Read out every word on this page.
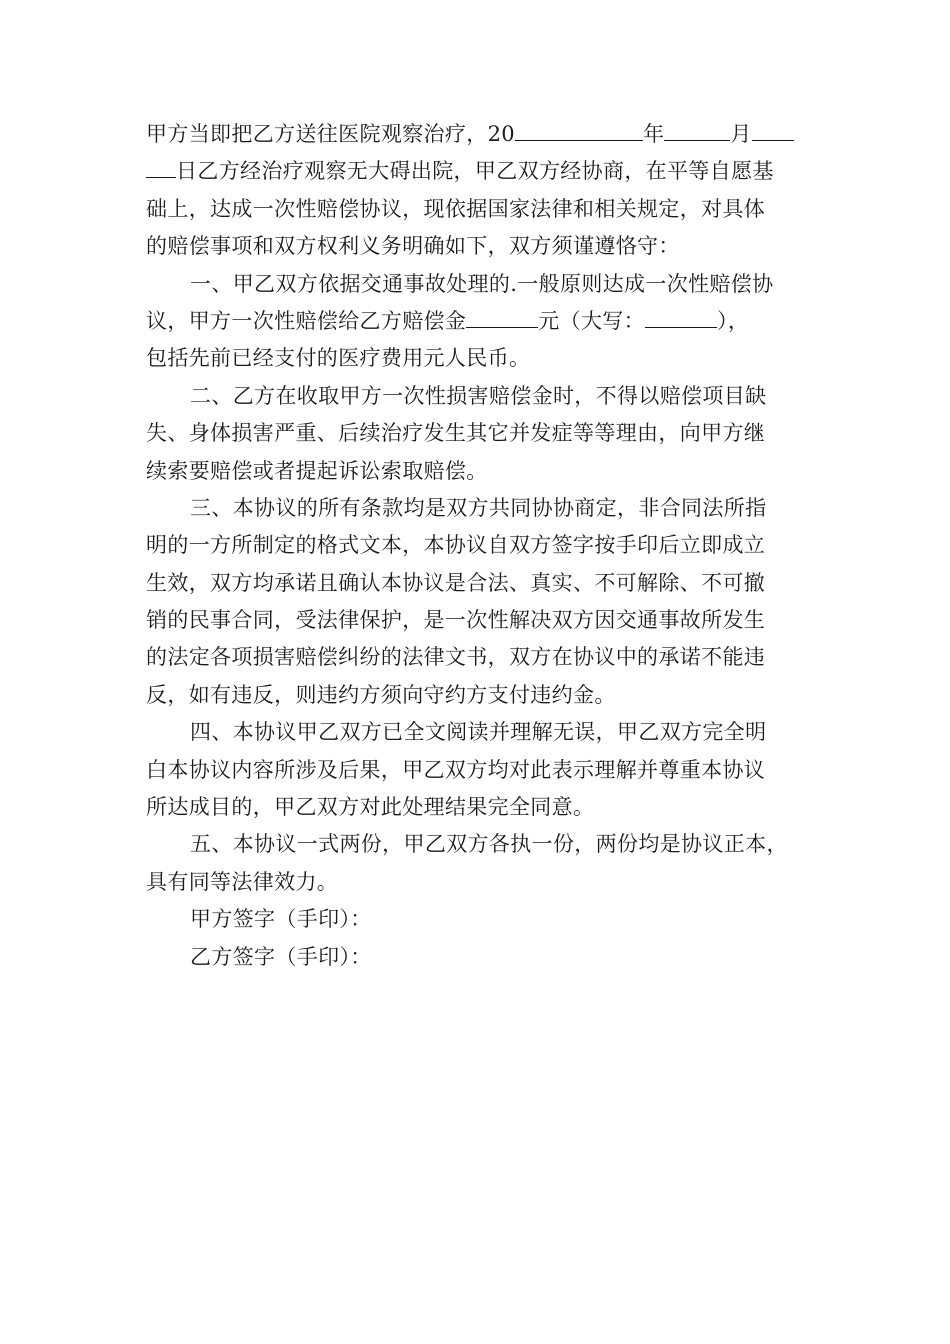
甲方当即把乙方送往医院观察治疗，20	年	月
日乙方经治疗观察无大碍出院，甲乙双方经协商，在平等自愿基
础上，达成一次性赔偿协议，现依据国家法律和相关规定，对具体
的赔偿事项和双方权利义务明确如下，双方须谨遵恪守：
一、甲乙双方依据交通事故处理的.一般原则达成一次性赔偿协
议，甲方一次性赔偿给乙方赔偿金	元（大写：	），
包括先前已经支付的医疗费用元人民币。
二、乙方在收取甲方一次性损害赔偿金时，不得以赔偿项目缺
失、身体损害严重、后续治疗发生其它并发症等等理由，向甲方继
续索要赔偿或者提起诉讼索取赔偿。
三、本协议的所有条款均是双方共同协协商定，非合同法所指
明的一方所制定的格式文本，本协议自双方签字按手印后立即成立
生效，双方均承诺且确认本协议是合法、真实、不可解除、不可撤
销的民事合同，受法律保护，是一次性解决双方因交通事故所发生
的法定各项损害赔偿纠纷的法律文书，双方在协议中的承诺不能违
反，如有违反，则违约方须向守约方支付违约金。
四、本协议甲乙双方已全文阅读并理解无误，甲乙双方完全明
白本协议内容所涉及后果，甲乙双方均对此表示理解并尊重本协议
所达成目的，甲乙双方对此处理结果完全同意。
五、本协议一式两份，甲乙双方各执一份，两份均是协议正本，
具有同等法律效力。
甲方签字（手印）：
乙方签字（手印）：
